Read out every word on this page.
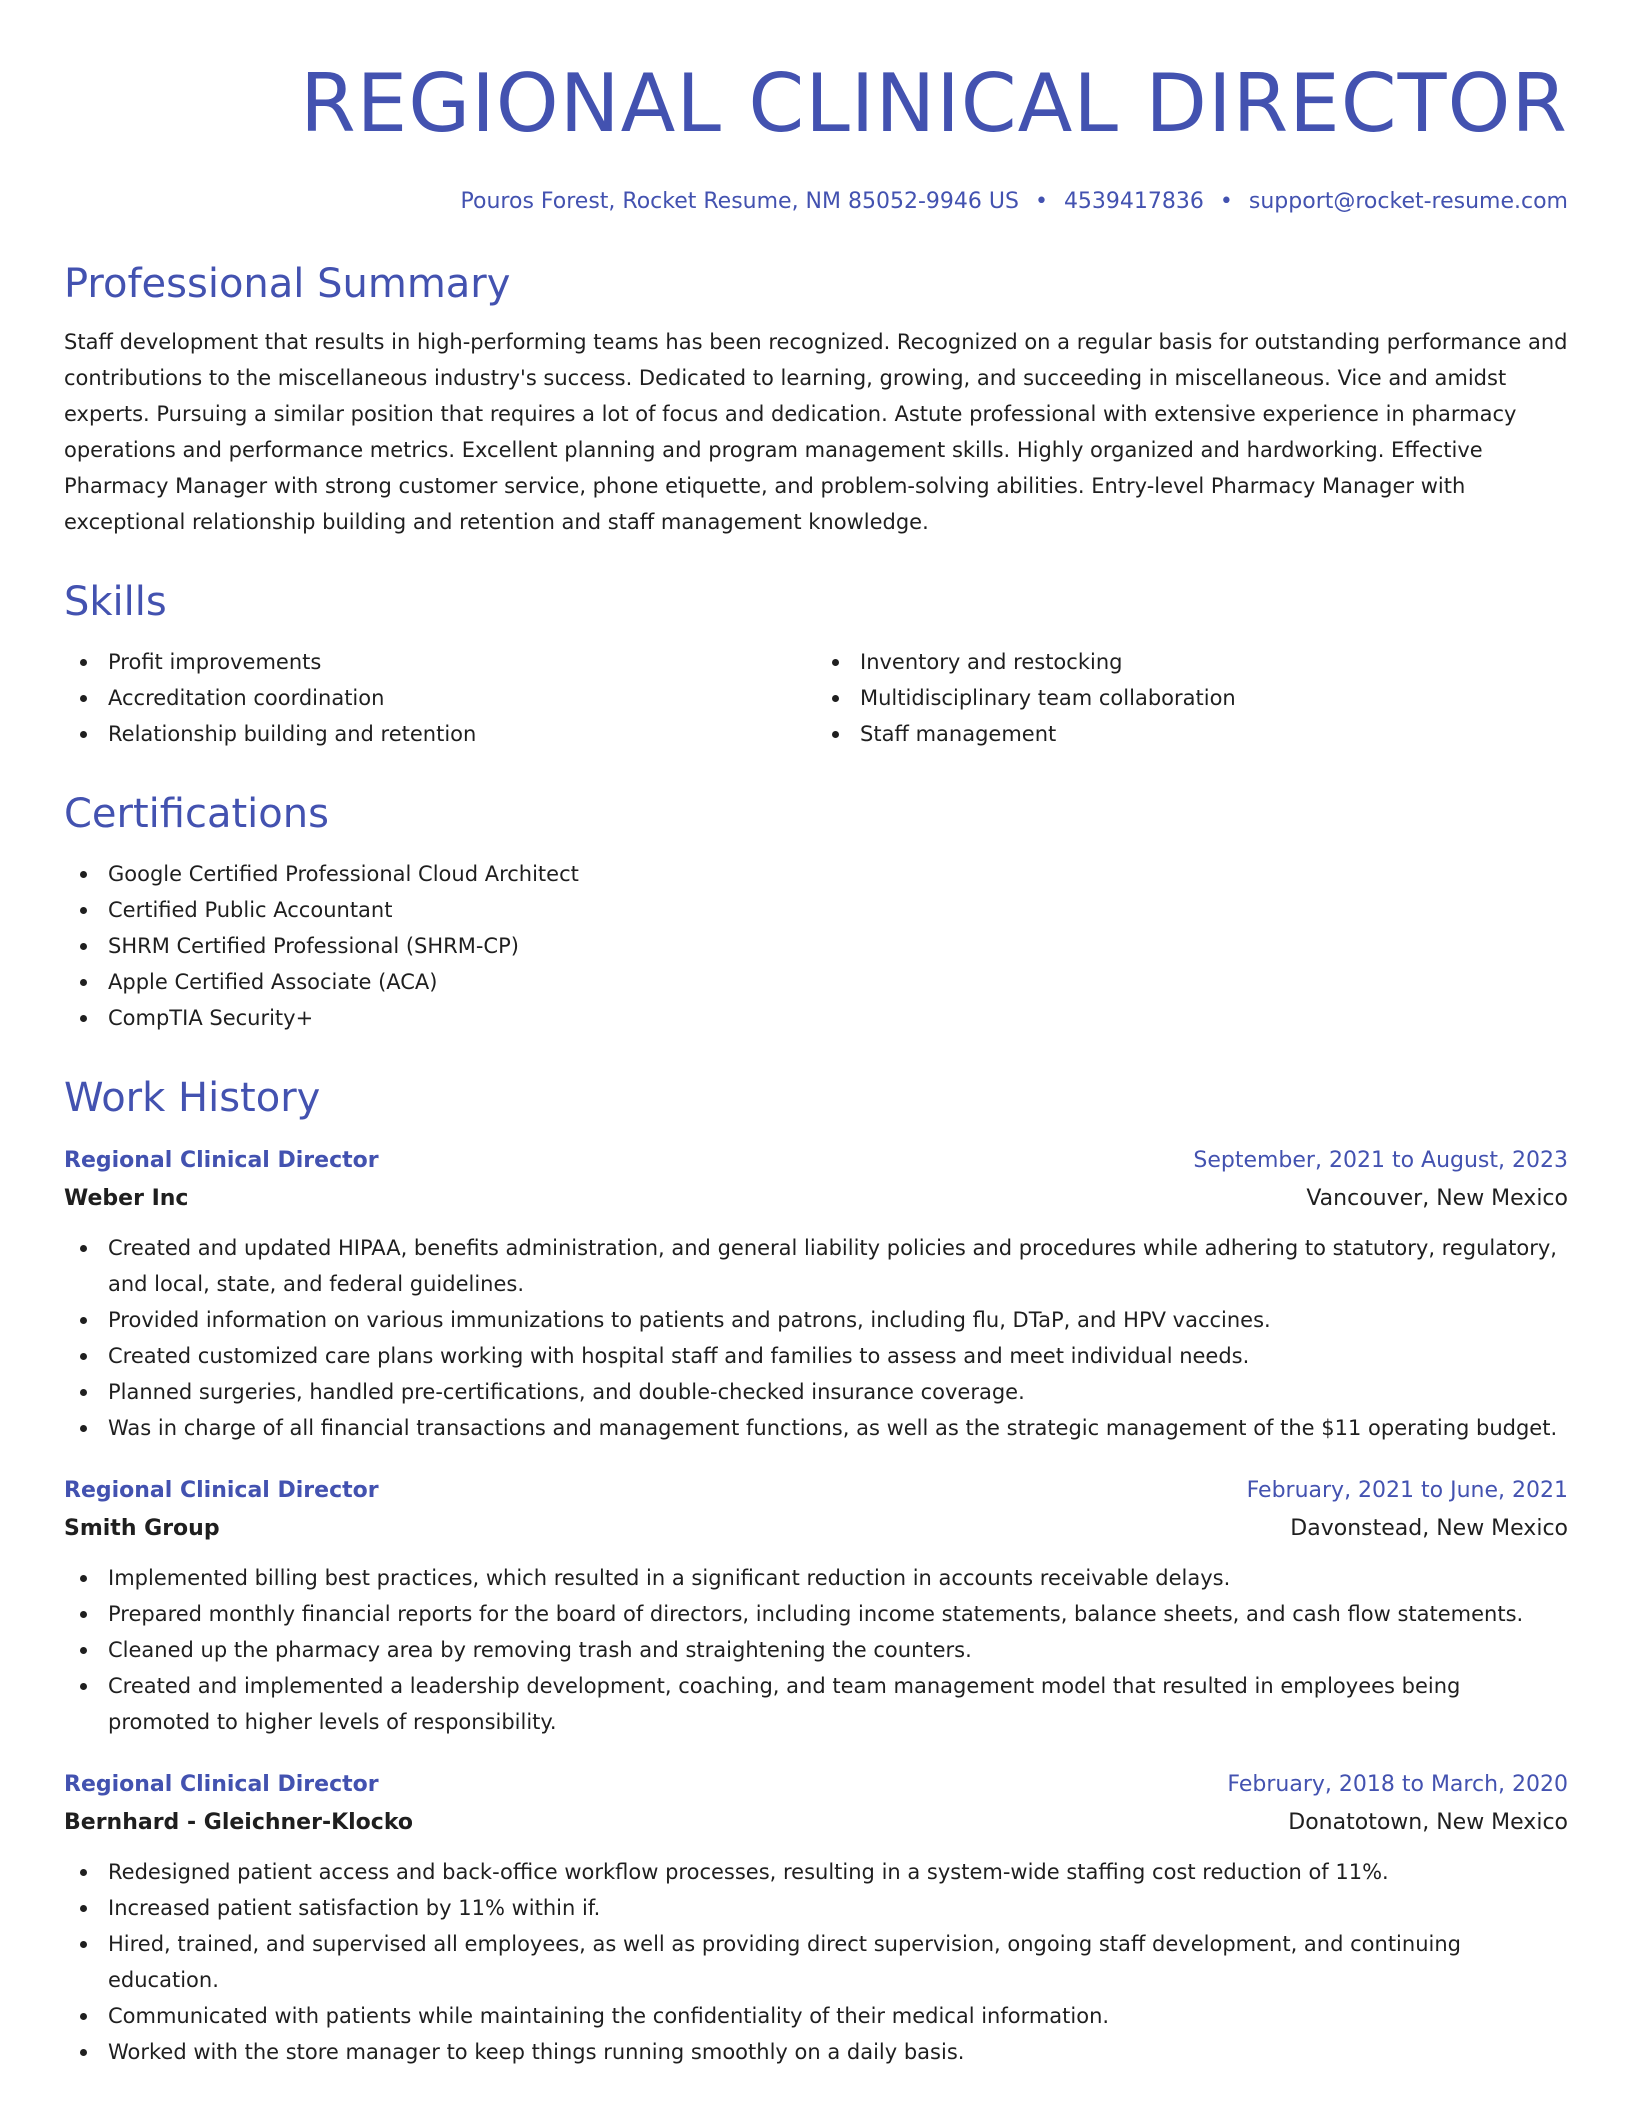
REGIONAL CLINICAL DIRECTOR
Pouros Forest, Rocket Resume, NM 85052-9946 US • 4539417836 • support@rocket-resume.com
Professional Summary

Staff development that results in high-performing teams has been recognized. Recognized on a regular basis for outstanding performance and contributions to the miscellaneous industry's success. Dedicated to learning, growing, and succeeding in miscellaneous. Vice and amidst experts. Pursuing a similar position that requires a lot of focus and dedication. Astute professional with extensive experience in pharmacy operations and performance metrics. Excellent planning and program management skills. Highly organized and hardworking. Effective Pharmacy Manager with strong customer service, phone etiquette, and problem-solving abilities. Entry-level Pharmacy Manager with exceptional relationship building and retention and staff management knowledge.

Skills
Profit improvements
Accreditation coordination
Relationship building and retention
Inventory and restocking
Multidisciplinary team collaboration
Staff management
Certifications
Google Certified Professional Cloud Architect
Certified Public Accountant
SHRM Certified Professional (SHRM-CP)
Apple Certified Associate (ACA)
CompTIA Security+
Work History
Regional Clinical Director	September, 2021 to August, 2023
Weber Inc	Vancouver, New Mexico
Created and updated HIPAA, benefits administration, and general liability policies and procedures while adhering to statutory, regulatory, and local, state, and federal guidelines.
Provided information on various immunizations to patients and patrons, including flu, DTaP, and HPV vaccines.
Created customized care plans working with hospital staff and families to assess and meet individual needs.
Planned surgeries, handled pre-certifications, and double-checked insurance coverage.
Was in charge of all financial transactions and management functions, as well as the strategic management of the $11 operating budget.
Regional Clinical Director	February, 2021 to June, 2021
Smith Group	Davonstead, New Mexico
Implemented billing best practices, which resulted in a significant reduction in accounts receivable delays.
Prepared monthly financial reports for the board of directors, including income statements, balance sheets, and cash flow statements.
Cleaned up the pharmacy area by removing trash and straightening the counters.
Created and implemented a leadership development, coaching, and team management model that resulted in employees being promoted to higher levels of responsibility.
Regional Clinical Director	February, 2018 to March, 2020
Bernhard - Gleichner-Klocko	Donatotown, New Mexico
Redesigned patient access and back-office workflow processes, resulting in a system-wide staffing cost reduction of 11%.
Increased patient satisfaction by 11% within if.
Hired, trained, and supervised all employees, as well as providing direct supervision, ongoing staff development, and continuing education.
Communicated with patients while maintaining the confidentiality of their medical information.
Worked with the store manager to keep things running smoothly on a daily basis.
